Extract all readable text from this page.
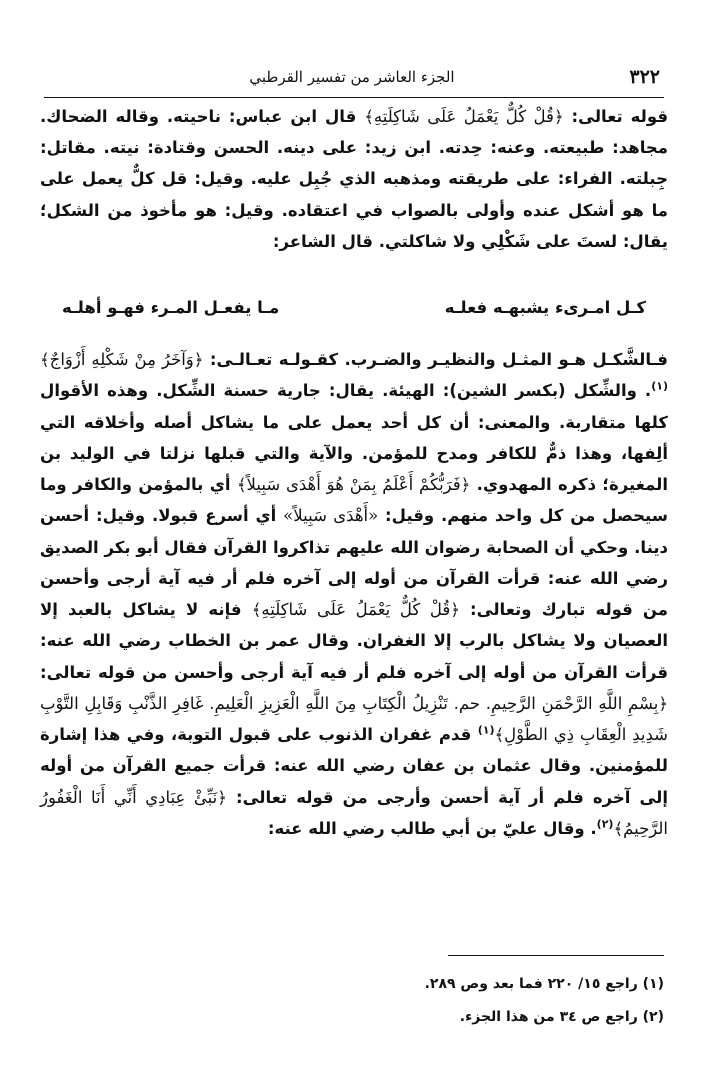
٣٢٢
الجزء العاشر من تفسير القرطبي

قوله تعالى: ﴿قُلْ كُلٌّ يَعْمَلُ عَلَى شَاكِلَتِهِ﴾ قال ابن عباس: ناحيته. وقاله الضحاك. مجاهد: طبيعته. وعنه: حِدته. ابن زيد: على دينه. الحسن وقتادة: نيته. مقاتل: جِبلته. الفراء: على طريقته ومذهبه الذي جُبِل عليه. وقيل: قل كلٌّ يعمل على ما هو أشكل عنده وأولى بالصواب في اعتقاده. وقيل: هو مأخوذ من الشكل؛ يقال: لستَ على شَكْلِي ولا شاكلتي. قال الشاعر:

كـل امـرىء يشبهـه فعلـه
مـا يفعـل المـرء فهـو أهلـه

فـالشَّكـل هـو المثـل والنظيـر والضـرب. كقـولـه تعـالـى: ﴿وَآخَرُ مِنْ شَكْلِهِ أَزْوَاجٌ﴾$^{(١)}$. والشِّكل (بكسر الشين): الهيئة. يقال: جارية حسنة الشِّكل. وهذه الأقوال كلها متقاربة. والمعنى: أن كل أحد يعمل على ما يشاكل أصله وأخلاقه التي ألِفها، وهذا ذمٌّ للكافر ومدح للمؤمن. والآية والتي قبلها نزلتا في الوليد بن المغيرة؛ ذكره المهدوي. ﴿فَرَبُّكُمْ أَعْلَمُ بِمَنْ هُوَ أَهْدَى سَبِيلاً﴾ أي بالمؤمن والكافر وما سيحصل من كل واحد منهم. وقيل: «أَهْدَى سَبِيلاً» أي أسرع قبولا. وقيل: أحسن دينا. وحكي أن الصحابة رضوان الله عليهم تذاكروا القرآن فقال أبو بكر الصديق رضي الله عنه: قرأت القرآن من أوله إلى آخره فلم أر فيه آية أرجى وأحسن من قوله تبارك وتعالى: ﴿قُلْ كُلٌّ يَعْمَلُ عَلَى شَاكِلَتِهِ﴾ فإنه لا يشاكل بالعبد إلا العصيان ولا يشاكل بالرب إلا الغفران. وقال عمر بن الخطاب رضي الله عنه: قرأت القرآن من أوله إلى آخره فلم أر فيه آية أرجى وأحسن من قوله تعالى: ﴿بِسْمِ اللَّهِ الرَّحْمَنِ الرَّحِيمِ. حم. تَنْزِيلُ الْكِتَابِ مِنَ اللَّهِ الْعَزِيزِ الْعَلِيمِ. غَافِرِ الذَّنْبِ وَقَابِلِ التَّوْبِ شَدِيدِ الْعِقَابِ ذِي الطَّوْلِ﴾$^{(١)}$ قدم غفران الذنوب على قبول التوبة، وفي هذا إشارة للمؤمنين. وقال عثمان بن عفان رضي الله عنه: قرأت جميع القرآن من أوله إلى آخره فلم أر آية أحسن وأرجى من قوله تعالى: ﴿نَبِّئْ عِبَادِي أَنِّي أَنَا الْغَفُورُ الرَّحِيمُ﴾$^{(٢)}$. وقال عليّ بن أبي طالب رضي الله عنه:

(١) راجع ١٥/ ٢٢٠ فما بعد وص ٢٨٩.
(٢) راجع ص ٣٤ من هذا الجزء.
